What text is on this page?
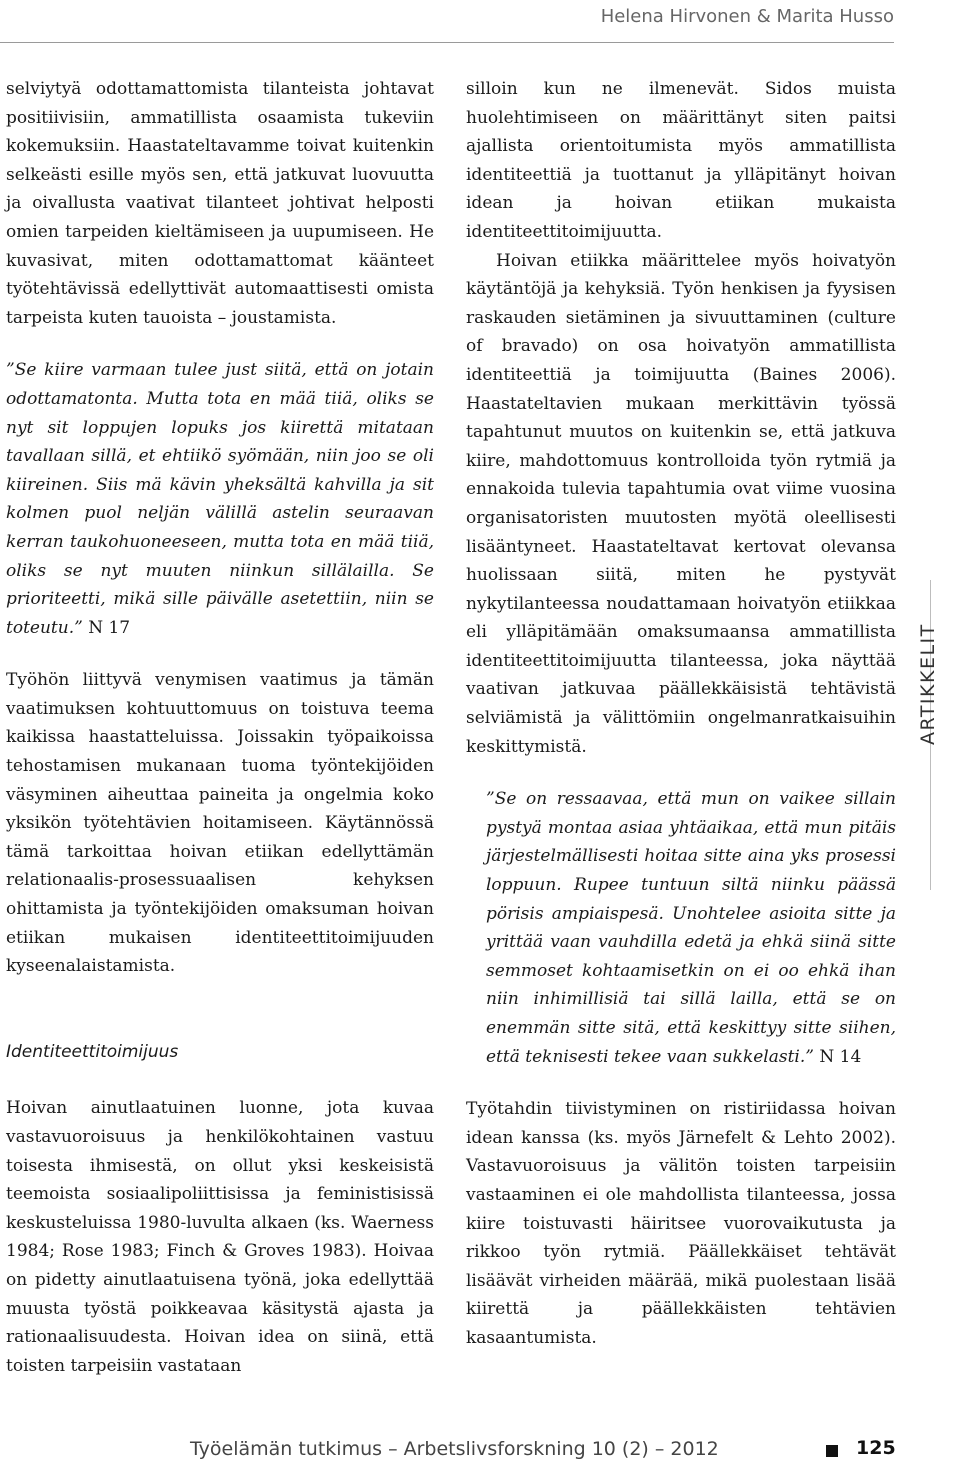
Helena Hirvonen & Marita Husso

selviytyä odottamattomista tilanteista johtavat positiivisiin, ammatillista osaamista tukeviin kokemuksiin. Haastateltavamme toivat kuitenkin selkeästi esille myös sen, että jatkuvat luovuutta ja oivallusta vaativat tilanteet johtivat helposti omien tarpeiden kieltämiseen ja uupumiseen. He kuvasivat, miten odottamattomat käänteet työtehtävissä edellyttivät automaattisesti omista tarpeista kuten tauoista – joustamista.

”Se kiire varmaan tulee just siitä, että on jotain odottamatonta. Mutta tota en mää tiiä, oliks se nyt sit loppujen lopuks jos kiirettä mitataan tavallaan sillä, et ehtiikö syömään, niin joo se oli kiireinen. Siis mä kävin yheksältä kahvilla ja sit kolmen puol neljän välillä astelin seuraavan kerran taukohuoneeseen, mutta tota en mää tiiä, oliks se nyt muuten niinkun sillälailla. Se prioriteetti, mikä sille päivälle asetettiin, niin se toteutu.” N 17

Työhön liittyvä venymisen vaatimus ja tämän vaatimuksen kohtuuttomuus on toistuva teema kaikissa haastatteluissa. Joissakin työpaikoissa tehostamisen mukanaan tuoma työntekijöiden väsyminen aiheuttaa paineita ja ongelmia koko yksikön työtehtävien hoitamiseen. Käytännössä tämä tarkoittaa hoivan etiikan edellyttämän relationaalis-prosessuaalisen kehyksen ohittamista ja työntekijöiden omaksuman hoivan etiikan mukaisen identiteettitoimijuuden kyseenalaistamista.

Identiteettitoimijuus

Hoivan ainutlaatuinen luonne, jota kuvaa vastavuoroisuus ja henkilökohtainen vastuu toisesta ihmisestä, on ollut yksi keskeisistä teemoista sosiaalipoliittisissa ja feministisissä keskusteluissa 1980-luvulta alkaen (ks. Waerness 1984; Rose 1983; Finch & Groves 1983). Hoivaa on pidetty ainutlaatuisena työnä, joka edellyttää muusta työstä poikkeavaa käsitystä ajasta ja rationaalisuudesta. Hoivan idea on siinä, että toisten tarpeisiin vastataan

silloin kun ne ilmenevät. Sidos muista huolehtimiseen on määrittänyt siten paitsi ajallista orientoitumista myös ammatillista identiteettiä ja tuottanut ja ylläpitänyt hoivan idean ja hoivan etiikan mukaista identiteettitoimijuutta.

Hoivan etiikka määrittelee myös hoivatyön käytäntöjä ja kehyksiä. Työn henkisen ja fyysisen raskauden sietäminen ja sivuuttaminen (culture of bravado) on osa hoivatyön ammatillista identiteettiä ja toimijuutta (Baines 2006). Haastateltavien mukaan merkittävin työssä tapahtunut muutos on kuitenkin se, että jatkuva kiire, mahdottomuus kontrolloida työn rytmiä ja ennakoida tulevia tapahtumia ovat viime vuosina organisatoristen muutosten myötä oleellisesti lisääntyneet. Haastateltavat kertovat olevansa huolissaan siitä, miten he pystyvät nykytilanteessa noudattamaan hoivatyön etiikkaa eli ylläpitämään omaksumaansa ammatillista identiteettitoimijuutta tilanteessa, joka näyttää vaativan jatkuvaa päällekkäisistä tehtävistä selviämistä ja välittömiin ongelmanratkaisuihin keskittymistä.

”Se on ressaavaa, että mun on vaikee sillain pystyä montaa asiaa yhtäaikaa, että mun pitäis järjestelmällisesti hoitaa sitte aina yks prosessi loppuun. Rupee tuntuun siltä niinku päässä pörisis ampiaispesä. Unohtelee asioita sitte ja yrittää vaan vauhdilla edetä ja ehkä siinä sitte semmoset kohtaamisetkin on ei oo ehkä ihan niin inhimillisiä tai sillä lailla, että se on enemmän sitte sitä, että keskittyy sitte siihen, että teknisesti tekee vaan sukkelasti.” N 14

Työtahdin tiivistyminen on ristiriidassa hoivan idean kanssa (ks. myös Järnefelt & Lehto 2002). Vastavuoroisuus ja välitön toisten tarpeisiin vastaaminen ei ole mahdollista tilanteessa, jossa kiire toistuvasti häiritsee vuorovaikutusta ja rikkoo työn rytmiä. Päällekkäiset tehtävät lisäävät virheiden määrää, mikä puolestaan lisää kiirettä ja päällekkäisten tehtävien kasaantumista.

ARTIKKELIT
Työelämän tutkimus – Arbetslivsforskning 10 (2) – 2012	125
